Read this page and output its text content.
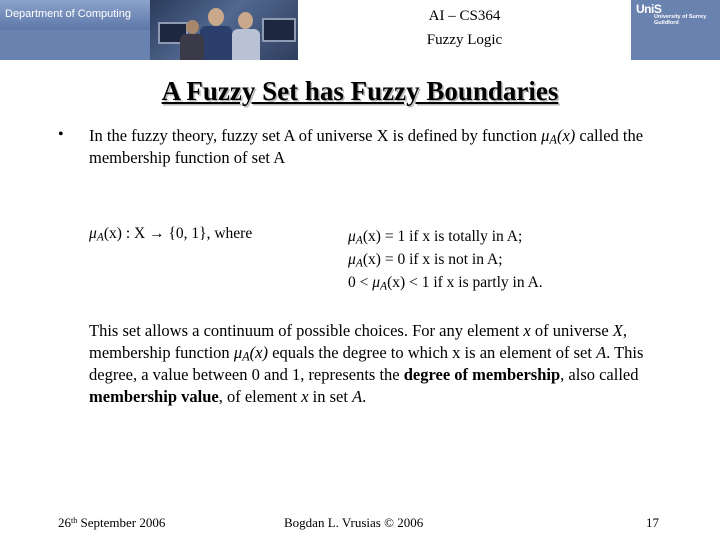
Department of Computing	AI – CS364
Fuzzy Logic
UniS
University of Surrey
Guildford
A Fuzzy Set has Fuzzy Boundaries
• In the fuzzy theory, fuzzy set A of universe X is defined by function $\mu_A(x)$ called the membership function of set A
$\mu_A(x)$ : X → {0, 1}, where	$\mu_A(x) = 1$ if x is totally in A;
$\mu_A(x) = 0$ if x is not in A;
$0 < \mu_A(x) < 1$ if x is partly in A.
This set allows a continuum of possible choices. For any element x of universe X, membership function $\mu_A(x)$ equals the degree to which x is an element of set A. This degree, a value between 0 and 1, represents the degree of membership, also called membership value, of element x in set A.
26th September 2006	Bogdan L. Vrusias © 2006	17
